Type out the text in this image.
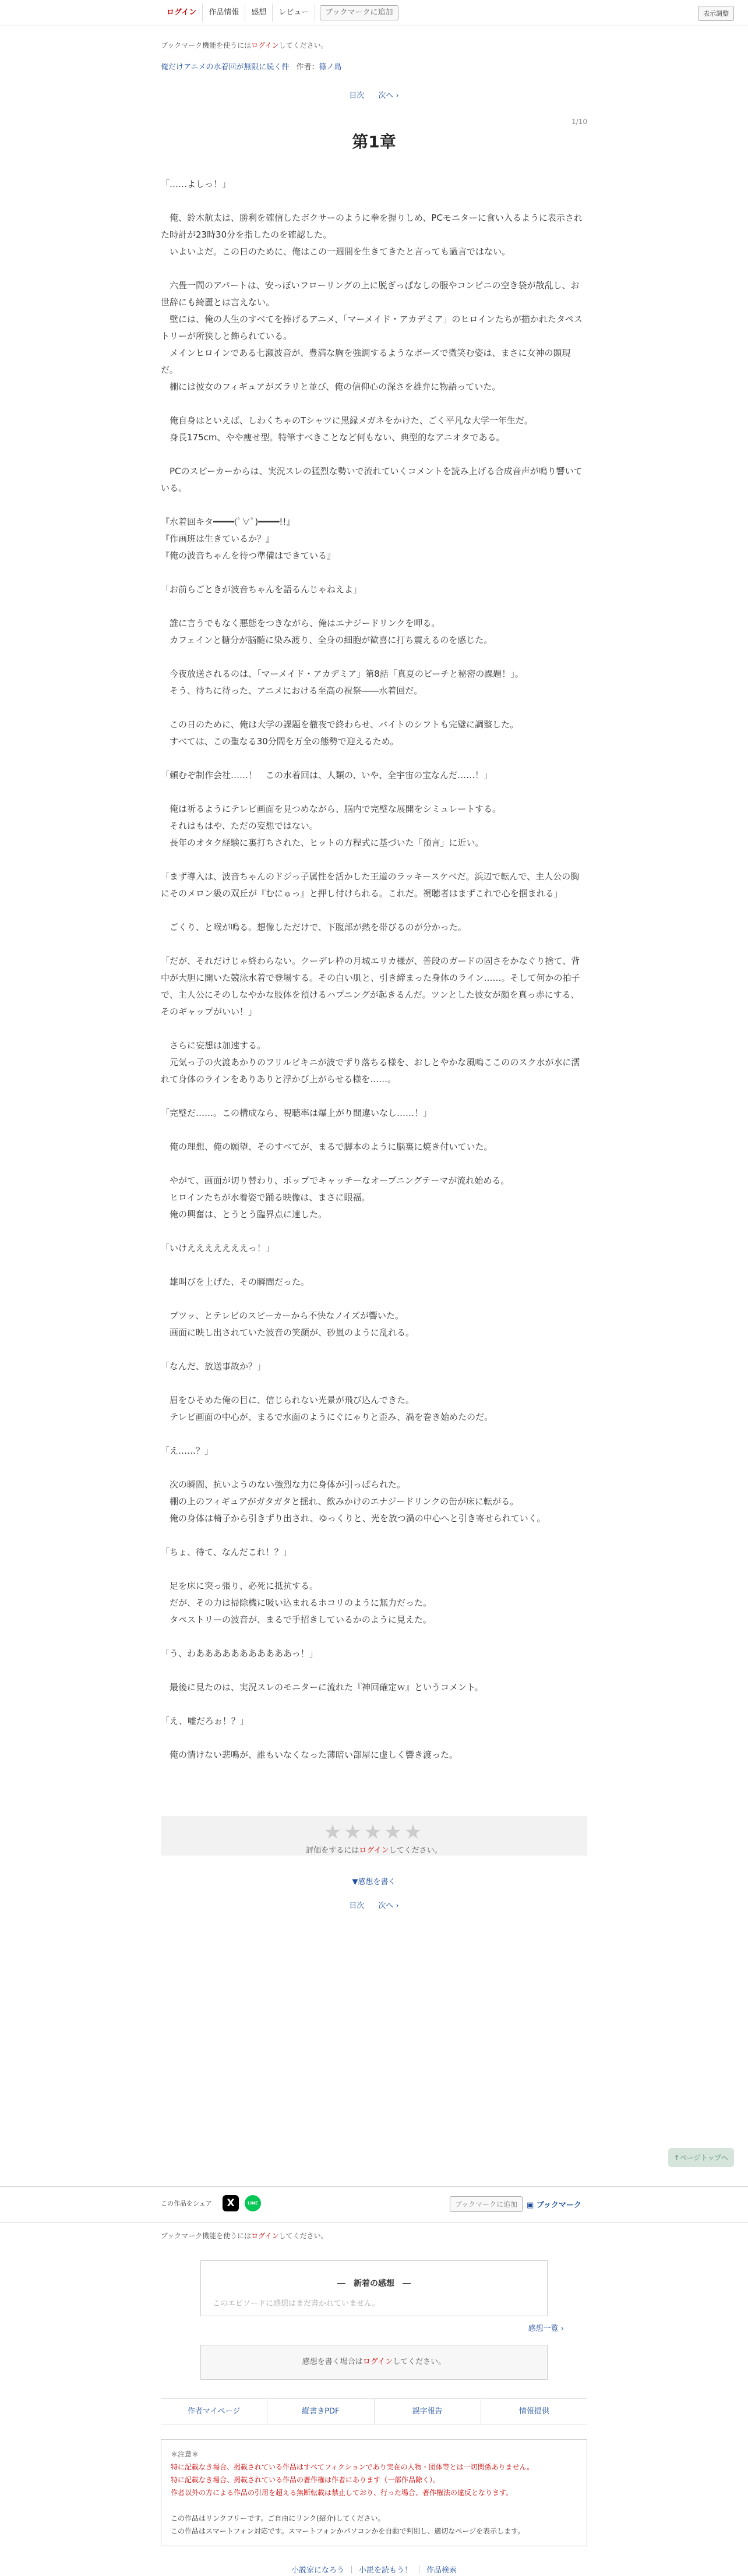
ログイン	作品情報	感想	レビュー	ブックマークに追加	表示調整
ブックマーク機能を使うにはログインしてください。
俺だけアニメの水着回が無限に続く件 作者：篠ノ島
目次 次へ ›
1/10
第1章

「……よしっ！」

　俺、鈴木航太は、勝利を確信したボクサーのように拳を握りしめ、PCモニターに食い入るように表示された時計が23時30分を指したのを確認した。

　いよいよだ。この日のために、俺はこの一週間を生きてきたと言っても過言ではない。

　六畳一間のアパートは、安っぽいフローリングの上に脱ぎっぱなしの服やコンビニの空き袋が散乱し、お世辞にも綺麗とは言えない。

　壁には、俺の人生のすべてを捧げるアニメ、「マーメイド・アカデミア」のヒロインたちが描かれたタペストリーが所狭しと飾られている。

　メインヒロインである七瀬波音が、豊満な胸を強調するようなポーズで微笑む姿は、まさに女神の顕現だ。

　棚には彼女のフィギュアがズラリと並び、俺の信仰心の深さを雄弁に物語っていた。

　俺自身はといえば、しわくちゃのTシャツに黒縁メガネをかけた、ごく平凡な大学一年生だ。

　身長175cm、やや痩せ型。特筆すべきことなど何もない、典型的なアニオタである。

　PCのスピーカーからは、実況スレの猛烈な勢いで流れていくコメントを読み上げる合成音声が鳴り響いている。

『水着回キタ━━━━(ﾟ∀ﾟ)━━━━!!』

『作画班は生きているか？』

『俺の波音ちゃんを待つ準備はできている』

「お前らごときが波音ちゃんを語るんじゃねえよ」

　誰に言うでもなく悪態をつきながら、俺はエナジードリンクを呷る。

　カフェインと糖分が脳髄に染み渡り、全身の細胞が歓喜に打ち震えるのを感じた。

　今夜放送されるのは、「マーメイド・アカデミア」第8話「真夏のビーチと秘密の課題！」。

　そう、待ちに待った、アニメにおける至高の祝祭――水着回だ。

　この日のために、俺は大学の課題を徹夜で終わらせ、バイトのシフトも完璧に調整した。

　すべては、この聖なる30分間を万全の態勢で迎えるため。

「頼むぞ制作会社……！　この水着回は、人類の、いや、全宇宙の宝なんだ……！」

　俺は祈るようにテレビ画面を見つめながら、脳内で完璧な展開をシミュレートする。

　それはもはや、ただの妄想ではない。

　長年のオタク経験に裏打ちされた、ヒットの方程式に基づいた「預言」に近い。

「まず導入は、波音ちゃんのドジっ子属性を活かした王道のラッキースケベだ。浜辺で転んで、主人公の胸にそのメロン級の双丘が『むにゅっ』と押し付けられる。これだ。視聴者はまずこれで心を掴まれる」

　ごくり、と喉が鳴る。想像しただけで、下腹部が熱を帯びるのが分かった。

「だが、それだけじゃ終わらない。クーデレ枠の月城エリカ様が、普段のガードの固さをかなぐり捨て、背中が大胆に開いた競泳水着で登場する。その白い肌と、引き締まった身体のライン……。そして何かの拍子で、主人公にそのしなやかな肢体を預けるハプニングが起きるんだ。ツンとした彼女が顔を真っ赤にする、そのギャップがいい！」

　さらに妄想は加速する。

　元気っ子の火渡あかりのフリルビキニが波でずり落ちる様を、おしとやかな風鳴ここののスク水が水に濡れて身体のラインをありありと浮かび上がらせる様を……。

「完璧だ……。この構成なら、視聴率は爆上がり間違いなし……！」

　俺の理想、俺の願望、そのすべてが、まるで脚本のように脳裏に焼き付いていた。

　やがて、画面が切り替わり、ポップでキャッチーなオープニングテーマが流れ始める。

　ヒロインたちが水着姿で踊る映像は、まさに眼福。

　俺の興奮は、とうとう臨界点に達した。

「いけえええええええっ！」

　雄叫びを上げた、その瞬間だった。

　ブツッ、とテレビのスピーカーから不快なノイズが響いた。

　画面に映し出されていた波音の笑顔が、砂嵐のように乱れる。

「なんだ、放送事故か？」

　眉をひそめた俺の目に、信じられない光景が飛び込んできた。

　テレビ画面の中心が、まるで水面のようにぐにゃりと歪み、渦を巻き始めたのだ。

「え……？」

　次の瞬間、抗いようのない強烈な力に身体が引っぱられた。

　棚の上のフィギュアがガタガタと揺れ、飲みかけのエナジードリンクの缶が床に転がる。

　俺の身体は椅子から引きずり出され、ゆっくりと、光を放つ渦の中心へと引き寄せられていく。

「ちょ、待て、なんだこれ！？」

　足を床に突っ張り、必死に抵抗する。

　だが、その力は掃除機に吸い込まれるホコリのように無力だった。

　タペストリーの波音が、まるで手招きしているかのように見えた。

「う、わあああああああああああっ！」

　最後に見たのは、実況スレのモニターに流れた『神回確定ｗ』というコメント。

「え、嘘だろぉ！？」

　俺の情けない悲鳴が、誰もいなくなった薄暗い部屋に虚しく響き渡った。

★★★★★
評価をするにはログインしてください。
▼感想を書く
目次 次へ ›
↑ページトップへ
この作品をシェア	X	LINE	ブックマークに追加	▣ ブックマーク
ブックマーク機能を使うにはログインしてください。
―　新着の感想　―
このエピソードに感想はまだ書かれていません。
感想一覧 ›
感想を書く場合はログインしてください。
作者マイページ	縦書きPDF	誤字報告	情報提供
＊注意＊
特に記載なき場合、掲載されている作品はすべてフィクションであり実在の人物・団体等とは一切関係ありません。
特に記載なき場合、掲載されている作品の著作権は作者にあります（一部作品除く）。
作者以外の方による作品の引用を超える無断転載は禁止しており、行った場合、著作権法の違反となります。
この作品はリンクフリーです。ご自由にリンク(紹介)してください。
この作品はスマートフォン対応です。スマートフォンかパソコンかを自動で判別し、適切なページを表示します。
小説家になろう ｜ 小説を読もう！ ｜ 作品検索
